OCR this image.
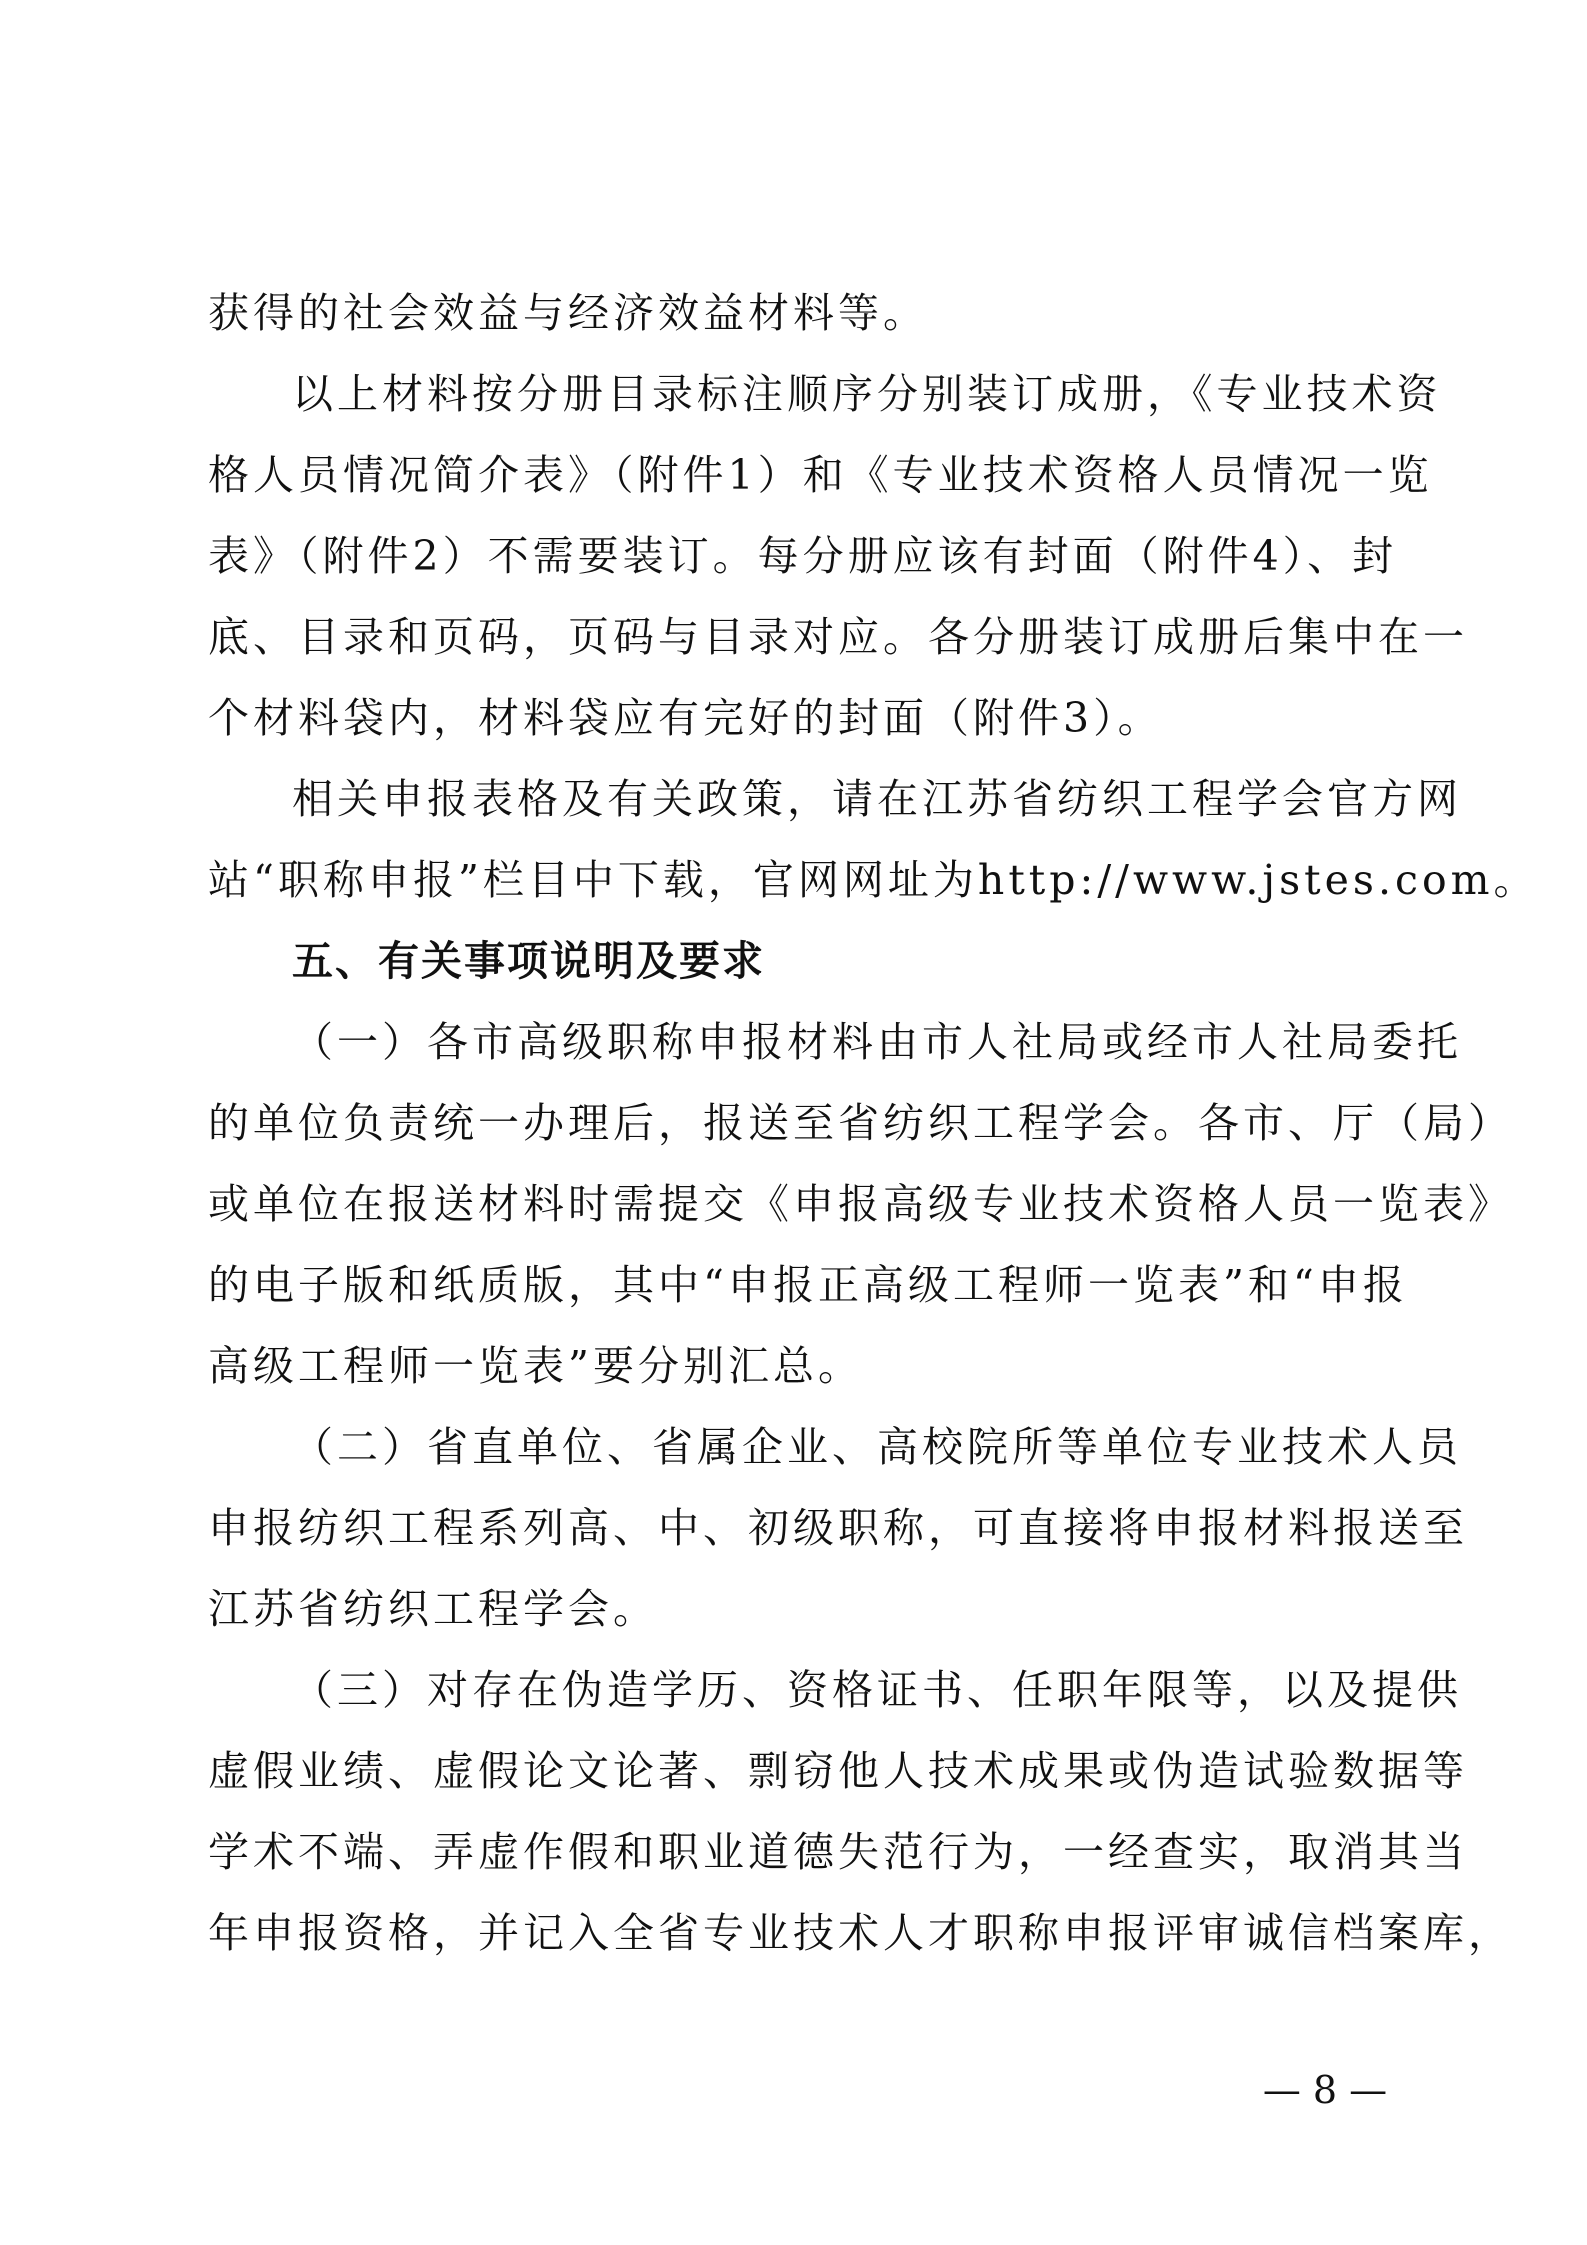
获得的社会效益与经济效益材料等。
以上材料按分册目录标注顺序分别装订成册，《专业技术资
格人员情况简介表》（附件1）和《专业技术资格人员情况一览
表》（附件2）不需要装订。每分册应该有封面（附件4）、封
底、目录和页码，页码与目录对应。各分册装订成册后集中在一
个材料袋内，材料袋应有完好的封面（附件3）。
相关申报表格及有关政策，请在江苏省纺织工程学会官方网
站“职称申报”栏目中下载，官网网址为http://www.jstes.com。
五、有关事项说明及要求
（一）各市高级职称申报材料由市人社局或经市人社局委托
的单位负责统一办理后，报送至省纺织工程学会。各市、厅（局）
或单位在报送材料时需提交《申报高级专业技术资格人员一览表》
的电子版和纸质版，其中“申报正高级工程师一览表”和“申报
高级工程师一览表”要分别汇总。
（二）省直单位、省属企业、高校院所等单位专业技术人员
申报纺织工程系列高、中、初级职称，可直接将申报材料报送至
江苏省纺织工程学会。
（三）对存在伪造学历、资格证书、任职年限等，以及提供
虚假业绩、虚假论文论著、剽窃他人技术成果或伪造试验数据等
学术不端、弄虚作假和职业道德失范行为，一经查实，取消其当
年申报资格，并记入全省专业技术人才职称申报评审诚信档案库，
— 8 —
